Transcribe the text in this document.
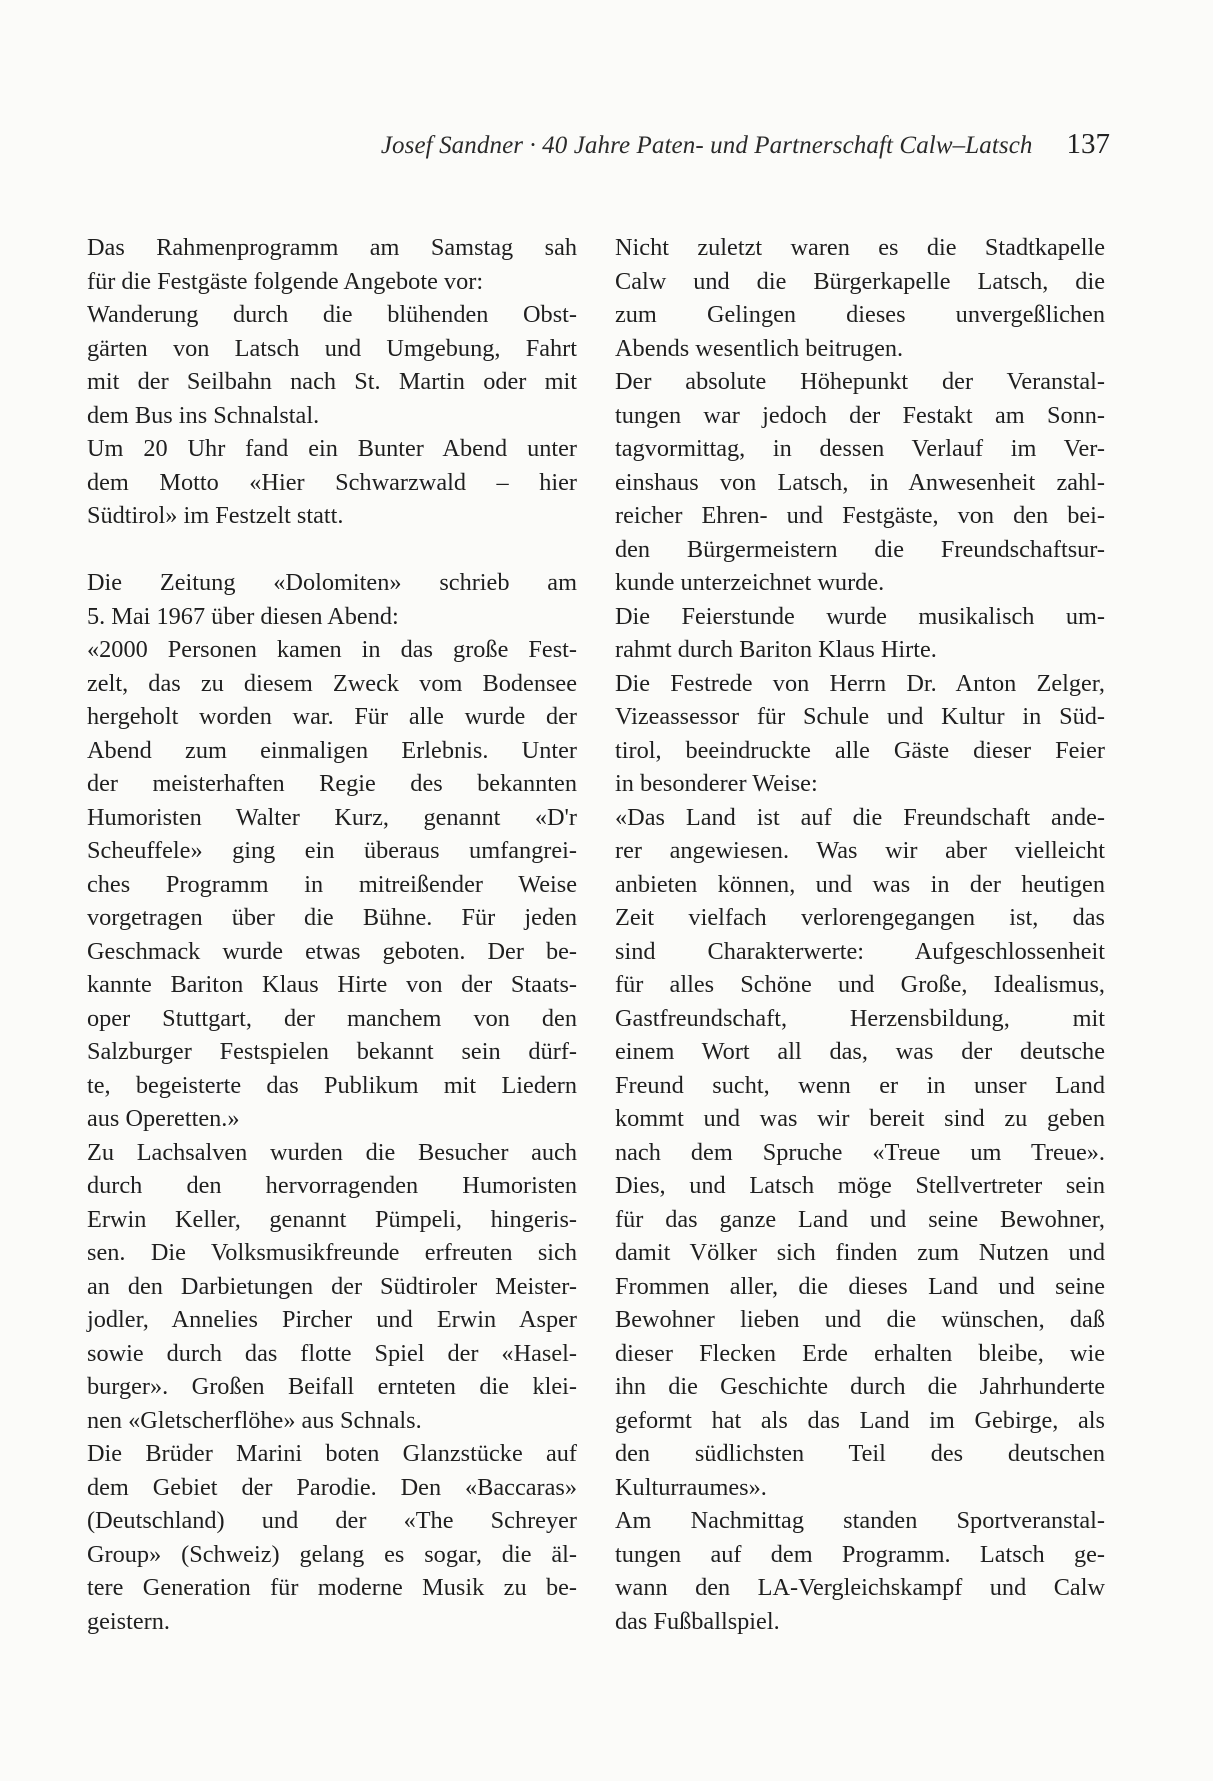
Josef Sandner · 40 Jahre Paten- und Partnerschaft Calw–Latsch 137
Das Rahmenprogramm am Samstag sah
für die Festgäste folgende Angebote vor:
Wanderung durch die blühenden Obst-
gärten von Latsch und Umgebung, Fahrt
mit der Seilbahn nach St. Martin oder mit
dem Bus ins Schnalstal.
Um 20 Uhr fand ein Bunter Abend unter
dem Motto «Hier Schwarzwald – hier
Südtirol» im Festzelt statt.
Die Zeitung «Dolomiten» schrieb am
5. Mai 1967 über diesen Abend:
«2000 Personen kamen in das große Fest-
zelt, das zu diesem Zweck vom Bodensee
hergeholt worden war. Für alle wurde der
Abend zum einmaligen Erlebnis. Unter
der meisterhaften Regie des bekannten
Humoristen Walter Kurz, genannt «D'r
Scheuffele» ging ein überaus umfangrei-
ches Programm in mitreißender Weise
vorgetragen über die Bühne. Für jeden
Geschmack wurde etwas geboten. Der be-
kannte Bariton Klaus Hirte von der Staats-
oper Stuttgart, der manchem von den
Salzburger Festspielen bekannt sein dürf-
te, begeisterte das Publikum mit Liedern
aus Operetten.»
Zu Lachsalven wurden die Besucher auch
durch den hervorragenden Humoristen
Erwin Keller, genannt Pümpeli, hingeris-
sen. Die Volksmusikfreunde erfreuten sich
an den Darbietungen der Südtiroler Meister-
jodler, Annelies Pircher und Erwin Asper
sowie durch das flotte Spiel der «Hasel-
burger». Großen Beifall ernteten die klei-
nen «Gletscherflöhe» aus Schnals.
Die Brüder Marini boten Glanzstücke auf
dem Gebiet der Parodie. Den «Baccaras»
(Deutschland) und der «The Schreyer
Group» (Schweiz) gelang es sogar, die äl-
tere Generation für moderne Musik zu be-
geistern.
Nicht zuletzt waren es die Stadtkapelle
Calw und die Bürgerkapelle Latsch, die
zum Gelingen dieses unvergeßlichen
Abends wesentlich beitrugen.
Der absolute Höhepunkt der Veranstal-
tungen war jedoch der Festakt am Sonn-
tagvormittag, in dessen Verlauf im Ver-
einshaus von Latsch, in Anwesenheit zahl-
reicher Ehren- und Festgäste, von den bei-
den Bürgermeistern die Freundschaftsur-
kunde unterzeichnet wurde.
Die Feierstunde wurde musikalisch um-
rahmt durch Bariton Klaus Hirte.
Die Festrede von Herrn Dr. Anton Zelger,
Vizeassessor für Schule und Kultur in Süd-
tirol, beeindruckte alle Gäste dieser Feier
in besonderer Weise:
«Das Land ist auf die Freundschaft ande-
rer angewiesen. Was wir aber vielleicht
anbieten können, und was in der heutigen
Zeit vielfach verlorengegangen ist, das
sind Charakterwerte: Aufgeschlossenheit
für alles Schöne und Große, Idealismus,
Gastfreundschaft, Herzensbildung, mit
einem Wort all das, was der deutsche
Freund sucht, wenn er in unser Land
kommt und was wir bereit sind zu geben
nach dem Spruche «Treue um Treue».
Dies, und Latsch möge Stellvertreter sein
für das ganze Land und seine Bewohner,
damit Völker sich finden zum Nutzen und
Frommen aller, die dieses Land und seine
Bewohner lieben und die wünschen, daß
dieser Flecken Erde erhalten bleibe, wie
ihn die Geschichte durch die Jahrhunderte
geformt hat als das Land im Gebirge, als
den südlichsten Teil des deutschen
Kulturraumes».
Am Nachmittag standen Sportveranstal-
tungen auf dem Programm. Latsch ge-
wann den LA-Vergleichskampf und Calw
das Fußballspiel.
